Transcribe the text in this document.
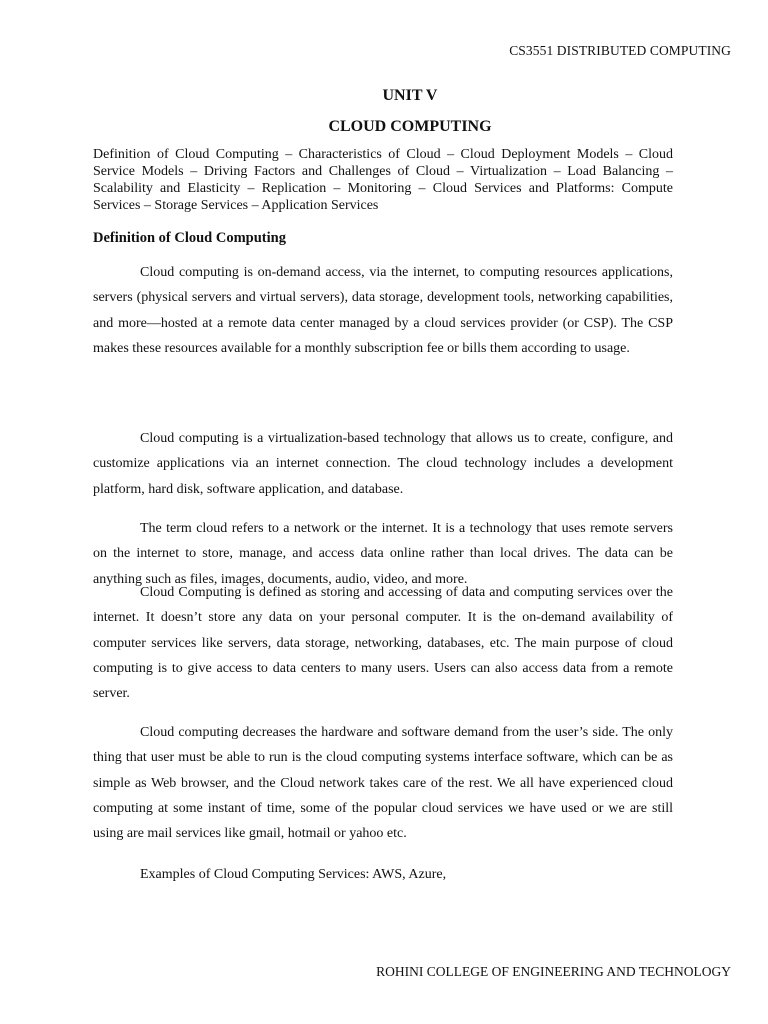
CS3551 DISTRIBUTED COMPUTING
UNIT V
CLOUD COMPUTING
Definition of Cloud Computing – Characteristics of Cloud – Cloud Deployment Models – Cloud Service Models – Driving Factors and Challenges of Cloud – Virtualization – Load Balancing – Scalability and Elasticity – Replication – Monitoring – Cloud Services and Platforms: Compute Services – Storage Services – Application Services
Definition of Cloud Computing

Cloud computing is on-demand access, via the internet, to computing resources applications, servers (physical servers and virtual servers), data storage, development tools, networking capabilities, and more—hosted at a remote data center managed by a cloud services provider (or CSP). The CSP makes these resources available for a monthly subscription fee or bills them according to usage.

Cloud computing is a virtualization-based technology that allows us to create, configure, and customize applications via an internet connection. The cloud technology includes a development platform, hard disk, software application, and database.

The term cloud refers to a network or the internet. It is a technology that uses remote servers on the internet to store, manage, and access data online rather than local drives. The data can be anything such as files, images, documents, audio, video, and more.

Cloud Computing is defined as storing and accessing of data and computing services over the internet. It doesn’t store any data on your personal computer. It is the on-demand availability of computer services like servers, data storage, networking, databases, etc. The main purpose of cloud computing is to give access to data centers to many users. Users can also access data from a remote server.

Cloud computing decreases the hardware and software demand from the user’s side. The only thing that user must be able to run is the cloud computing systems interface software, which can be as simple as Web browser, and the Cloud network takes care of the rest. We all have experienced cloud computing at some instant of time, some of the popular cloud services we have used or we are still using are mail services like gmail, hotmail or yahoo etc.

Examples of Cloud Computing Services: AWS, Azure,

ROHINI COLLEGE OF ENGINEERING AND TECHNOLOGY
